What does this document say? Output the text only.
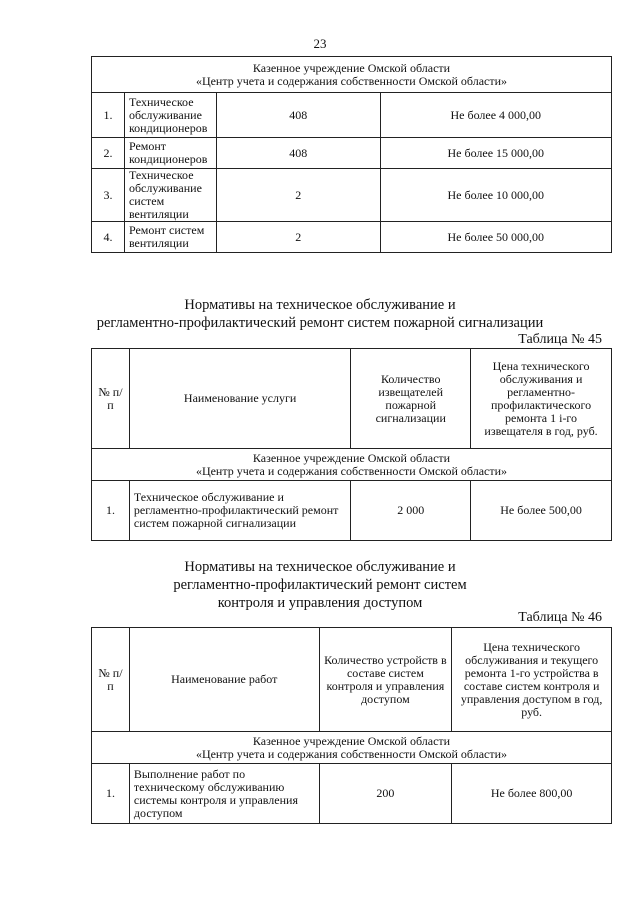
23
Казенное учреждение Омской области
«Центр учета и содержания собственности Омской области»			

1.	Техническое обслуживание кондиционеров	408	Не более 4 000,00
2.	Ремонт кондиционеров	408	Не более 15 000,00
3.	Техническое обслуживание систем вентиляции	2	Не более 10 000,00
4.	Ремонт систем вентиляции	2	Не более 50 000,00
Нормативы на техническое обслуживание и
регламентно-профилактический ремонт систем пожарной сигнализации
Таблица № 45
№ п/п	Наименование услуги	Количество извещателей пожарной сигнализации	Цена технического обслуживания и регламентно-профилактического ремонта 1 i-го извещателя в год, руб.

Казенное учреждение Омской области
«Центр учета и содержания собственности Омской области»			

1.	Техническое обслуживание и регламентно-профилактический ремонт систем пожарной сигнализации	2 000	Не более 500,00
Нормативы на техническое обслуживание и
регламентно-профилактический ремонт систем
контроля и управления доступом
Таблица № 46
№ п/п	Наименование работ	Количество устройств в составе систем контроля и управления доступом	Цена технического обслуживания и текущего ремонта 1-го устройства в составе систем контроля и управления доступом в год, руб.

Казенное учреждение Омской области
«Центр учета и содержания собственности Омской области»			

1.	Выполнение работ по техническому обслуживанию системы контроля и управления доступом	200	Не более 800,00
